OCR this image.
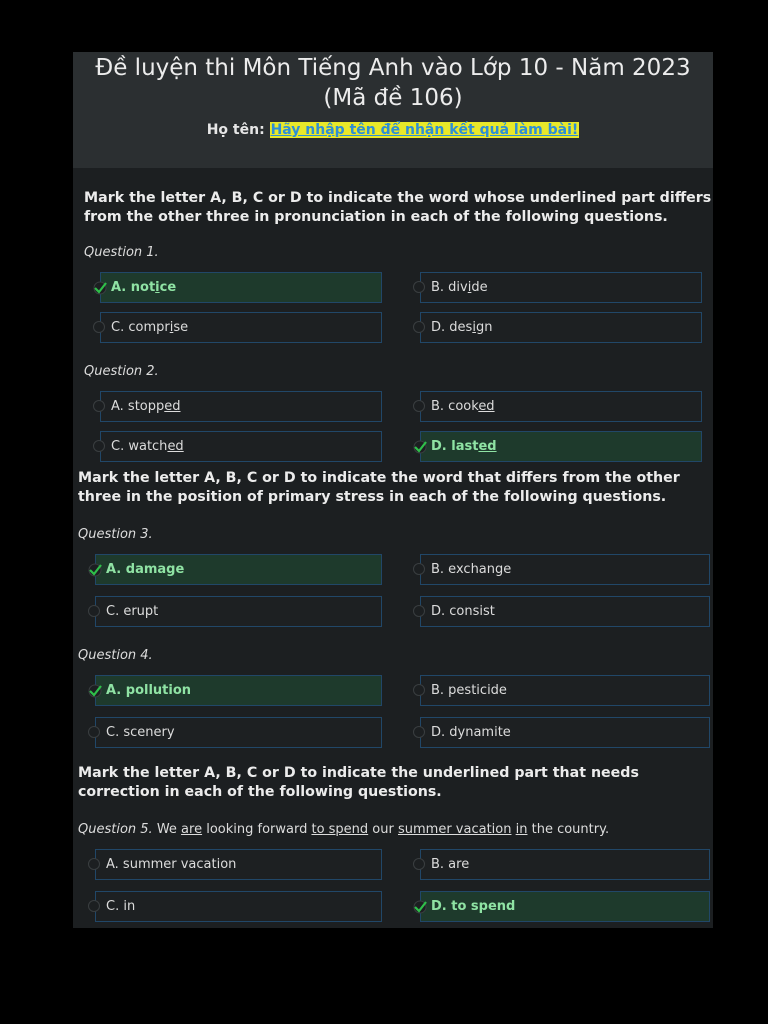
Đề luyện thi Môn Tiếng Anh vào Lớp 10 - Năm 2023
(Mã đề 106)
Họ tên: Hãy nhập tên để nhận kết quả làm bài!
Mark the letter A, B, C or D to indicate the word whose underlined part differs from the other three in pronunciation in each of the following questions.
Question 1.
A. notice	B. divide
C. comprise	D. design
Question 2.
A. stopped	B. cooked
C. watched	D. lasted
Mark the letter A, B, C or D to indicate the word that differs from the other three in the position of primary stress in each of the following questions.
Question 3.
A. damage	B. exchange
C. erupt	D. consist
Question 4.
A. pollution	B. pesticide
C. scenery	D. dynamite
Mark the letter A, B, C or D to indicate the underlined part that needs correction in each of the following questions.
Question 5. We are looking forward to spend our summer vacation in the country.
A. summer vacation	B. are
C. in	D. to spend
